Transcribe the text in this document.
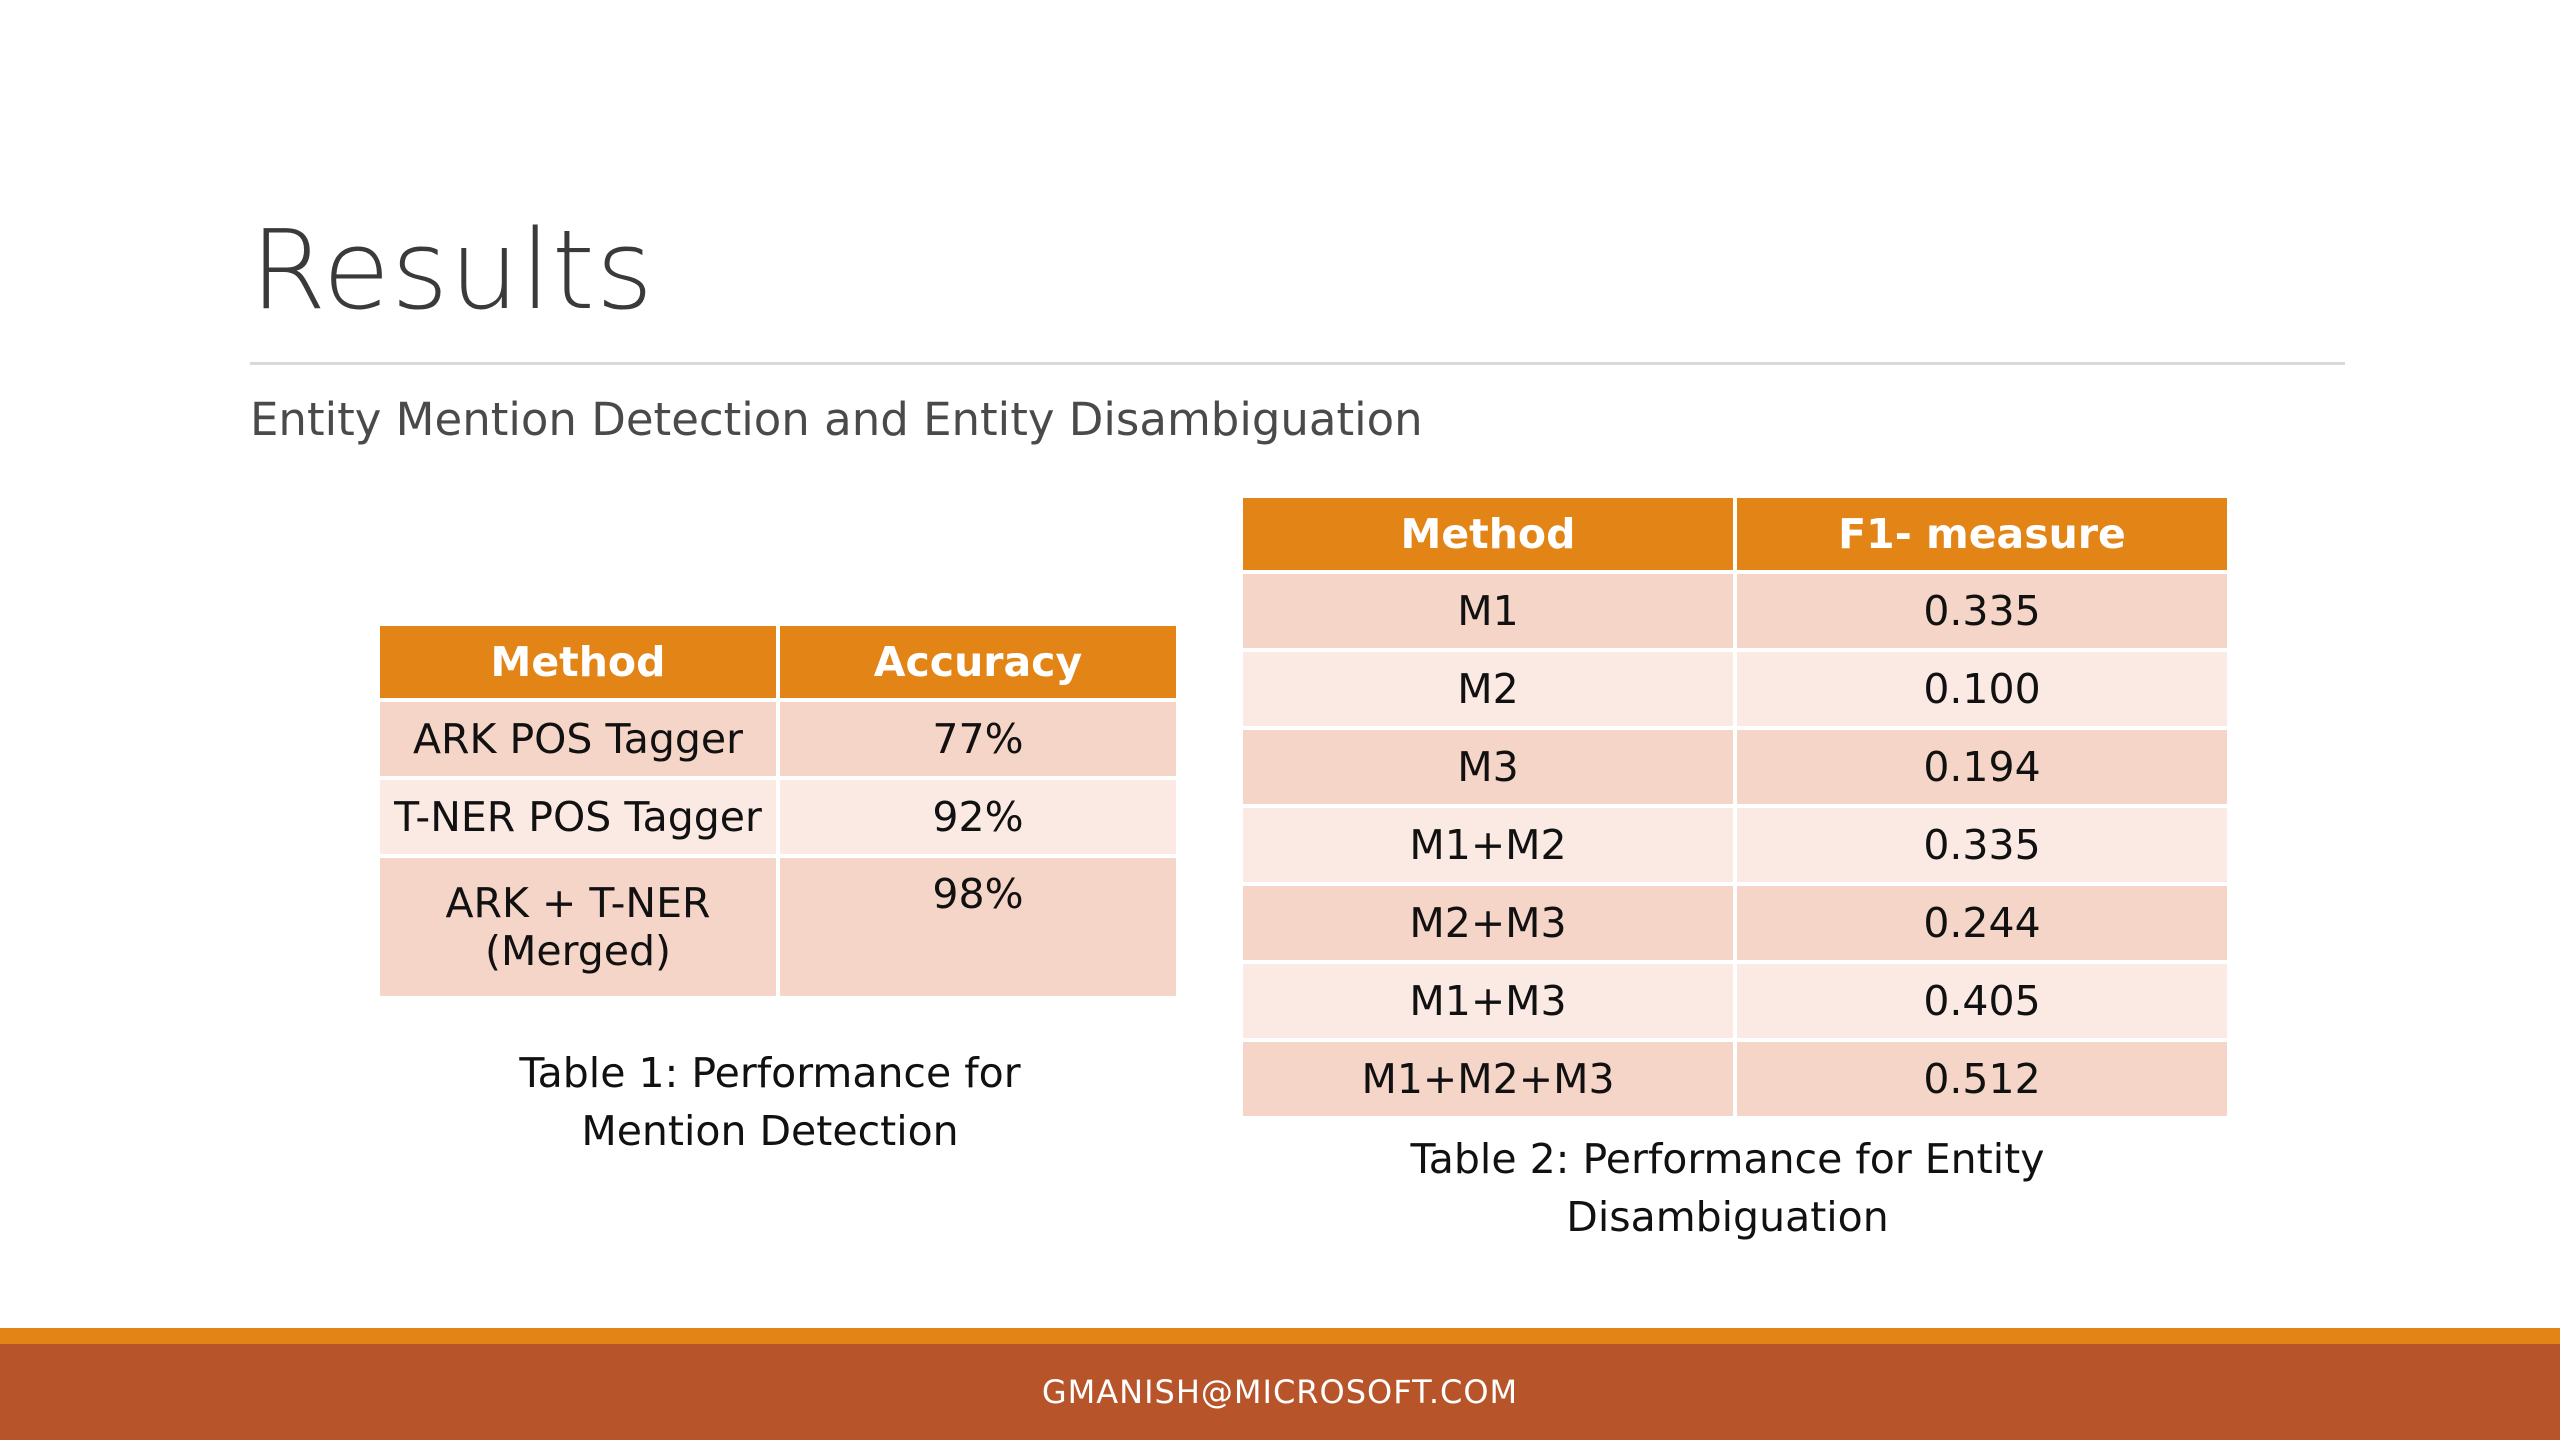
Results
Entity Mention Detection and Entity Disambiguation
Method	Accuracy
ARK POS Tagger	77%
T-NER POS Tagger	92%

ARK + T-NER
(Merged)	98%
Table 1: Performance for
Mention Detection
Method	F1- measure
M1	0.335
M2	0.100
M3	0.194
M1+M2	0.335
M2+M3	0.244
M1+M3	0.405
M1+M2+M3	0.512
Table 2: Performance for Entity
Disambiguation
GMANISH@MICROSOFT.COM
